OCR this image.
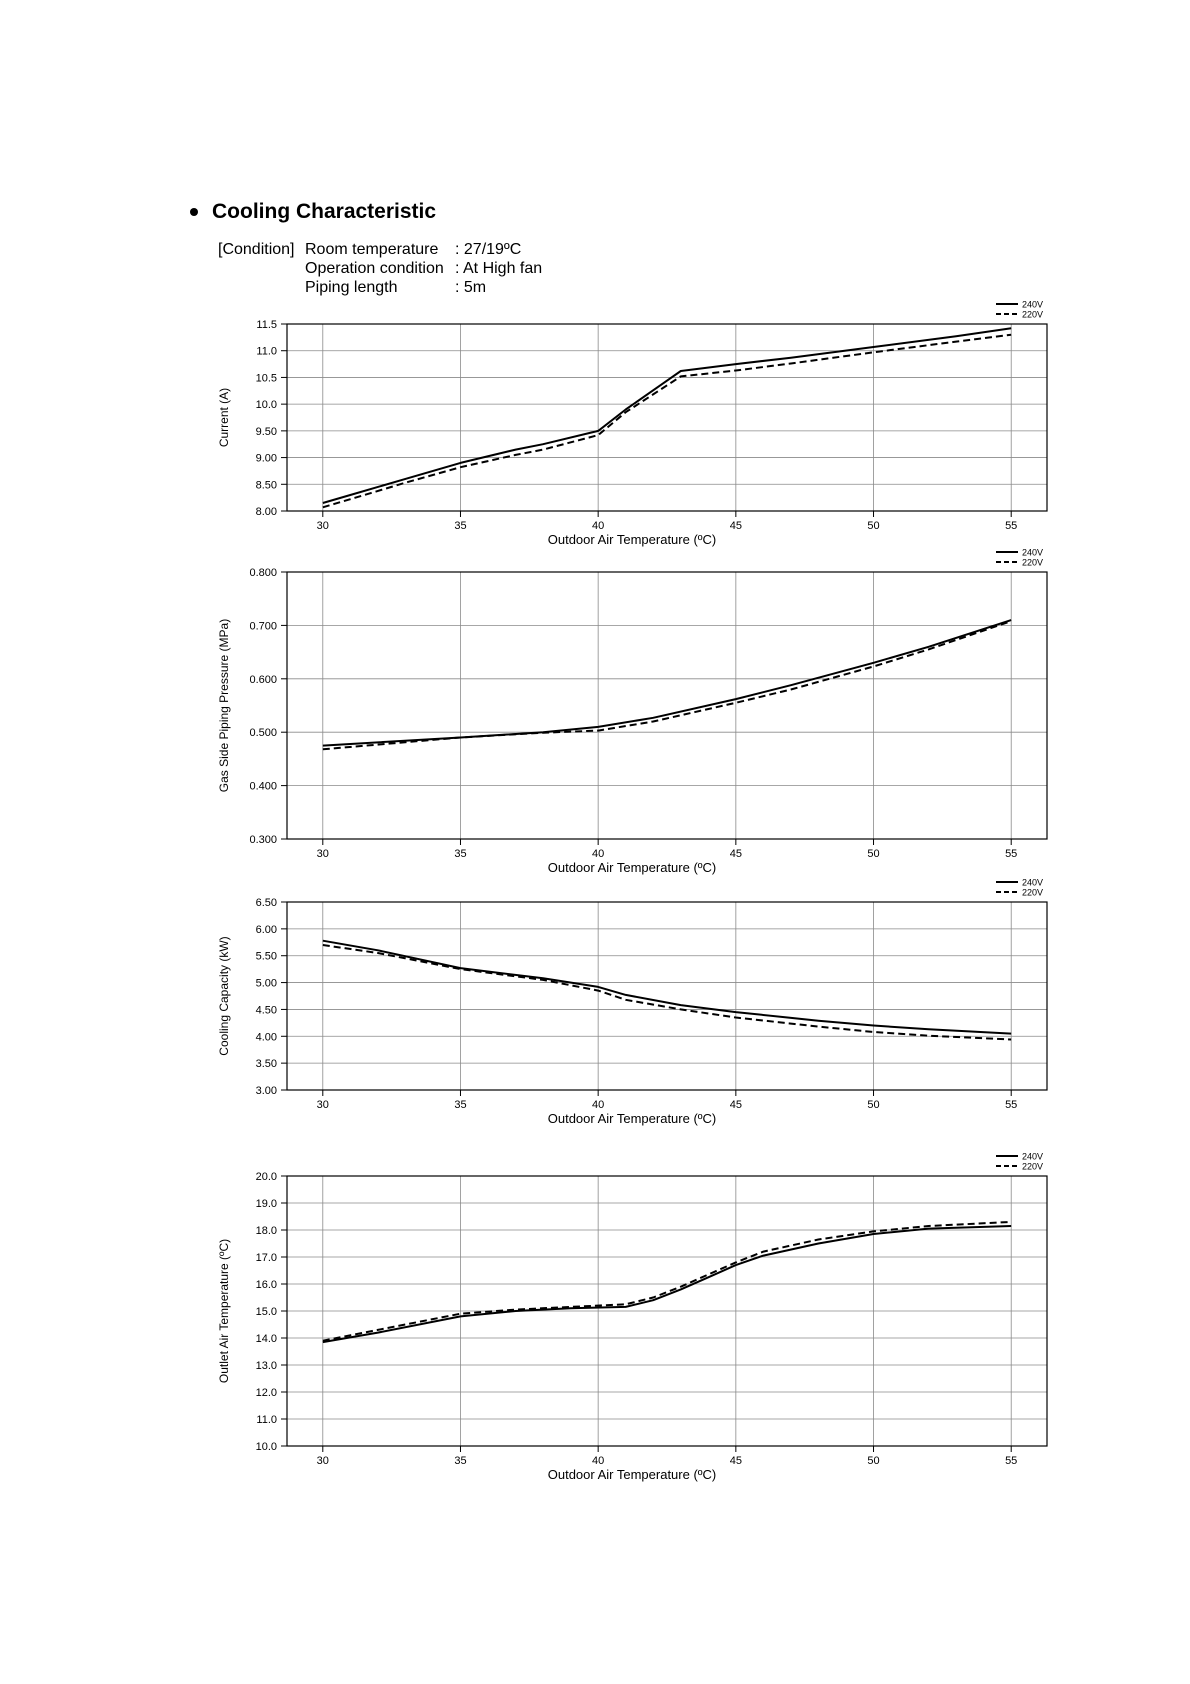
Cooling Characteristic
[Condition] Room temperature : 27/19ºC
Operation condition : At High fan
Piping length	: 5m
8.00
8.50
9.00
9.50
10.0
10.5
11.0
11.5
30	35	40	45	50	55
Outdoor Air Temperature (ºC)
Current (A)
240V
220V
0.300
0.400
0.500
0.600
0.700
0.800
30	35	40	45	50	55
Outdoor Air Temperature (ºC)
Gas Side Piping Pressure (MPa)
240V
220V
3.00
3.50
4.00
4.50
5.00
5.50
6.00
6.50
30	35	40	45	50	55
Outdoor Air Temperature (ºC)
Cooling Capacity (kW)
240V
220V
10.0
11.0
12.0
13.0
14.0
15.0
16.0
17.0
18.0
19.0
20.0
30	35	40	45	50	55
Outdoor Air Temperature (ºC)
Outlet Air Temperature (ºC)
240V
220V
